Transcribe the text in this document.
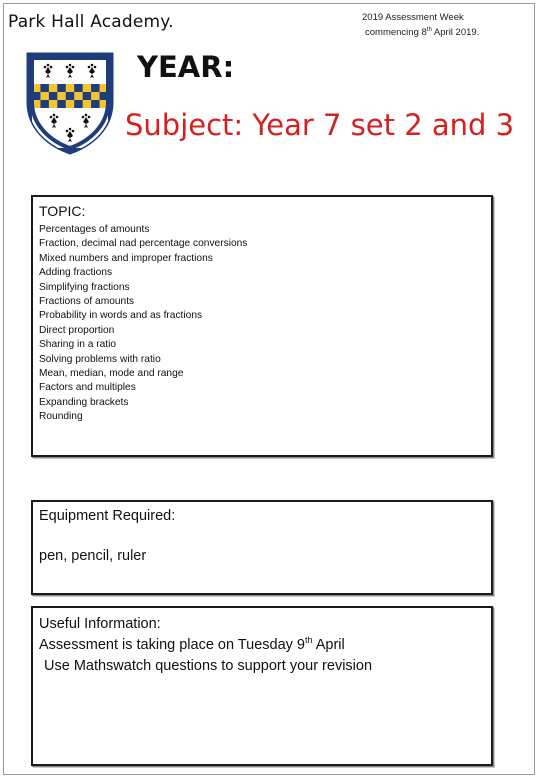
Park Hall Academy.	2019 Assessment Week
commencing 8th April 2019.
YEAR:
Subject: Year 7 set 2 and 3
TOPIC:
Percentages of amounts
Fraction, decimal nad percentage conversions
Mixed numbers and improper fractions
Adding fractions
Simplifying fractions
Fractions of amounts
Probability in words and as fractions
Direct proportion
Sharing in a ratio
Solving problems with ratio
Mean, median, mode and range
Factors and multiples
Expanding brackets
Rounding
Equipment Required:
pen, pencil, ruler
Useful Information:
Assessment is taking place on Tuesday 9th April
Use Mathswatch questions to support your revision
